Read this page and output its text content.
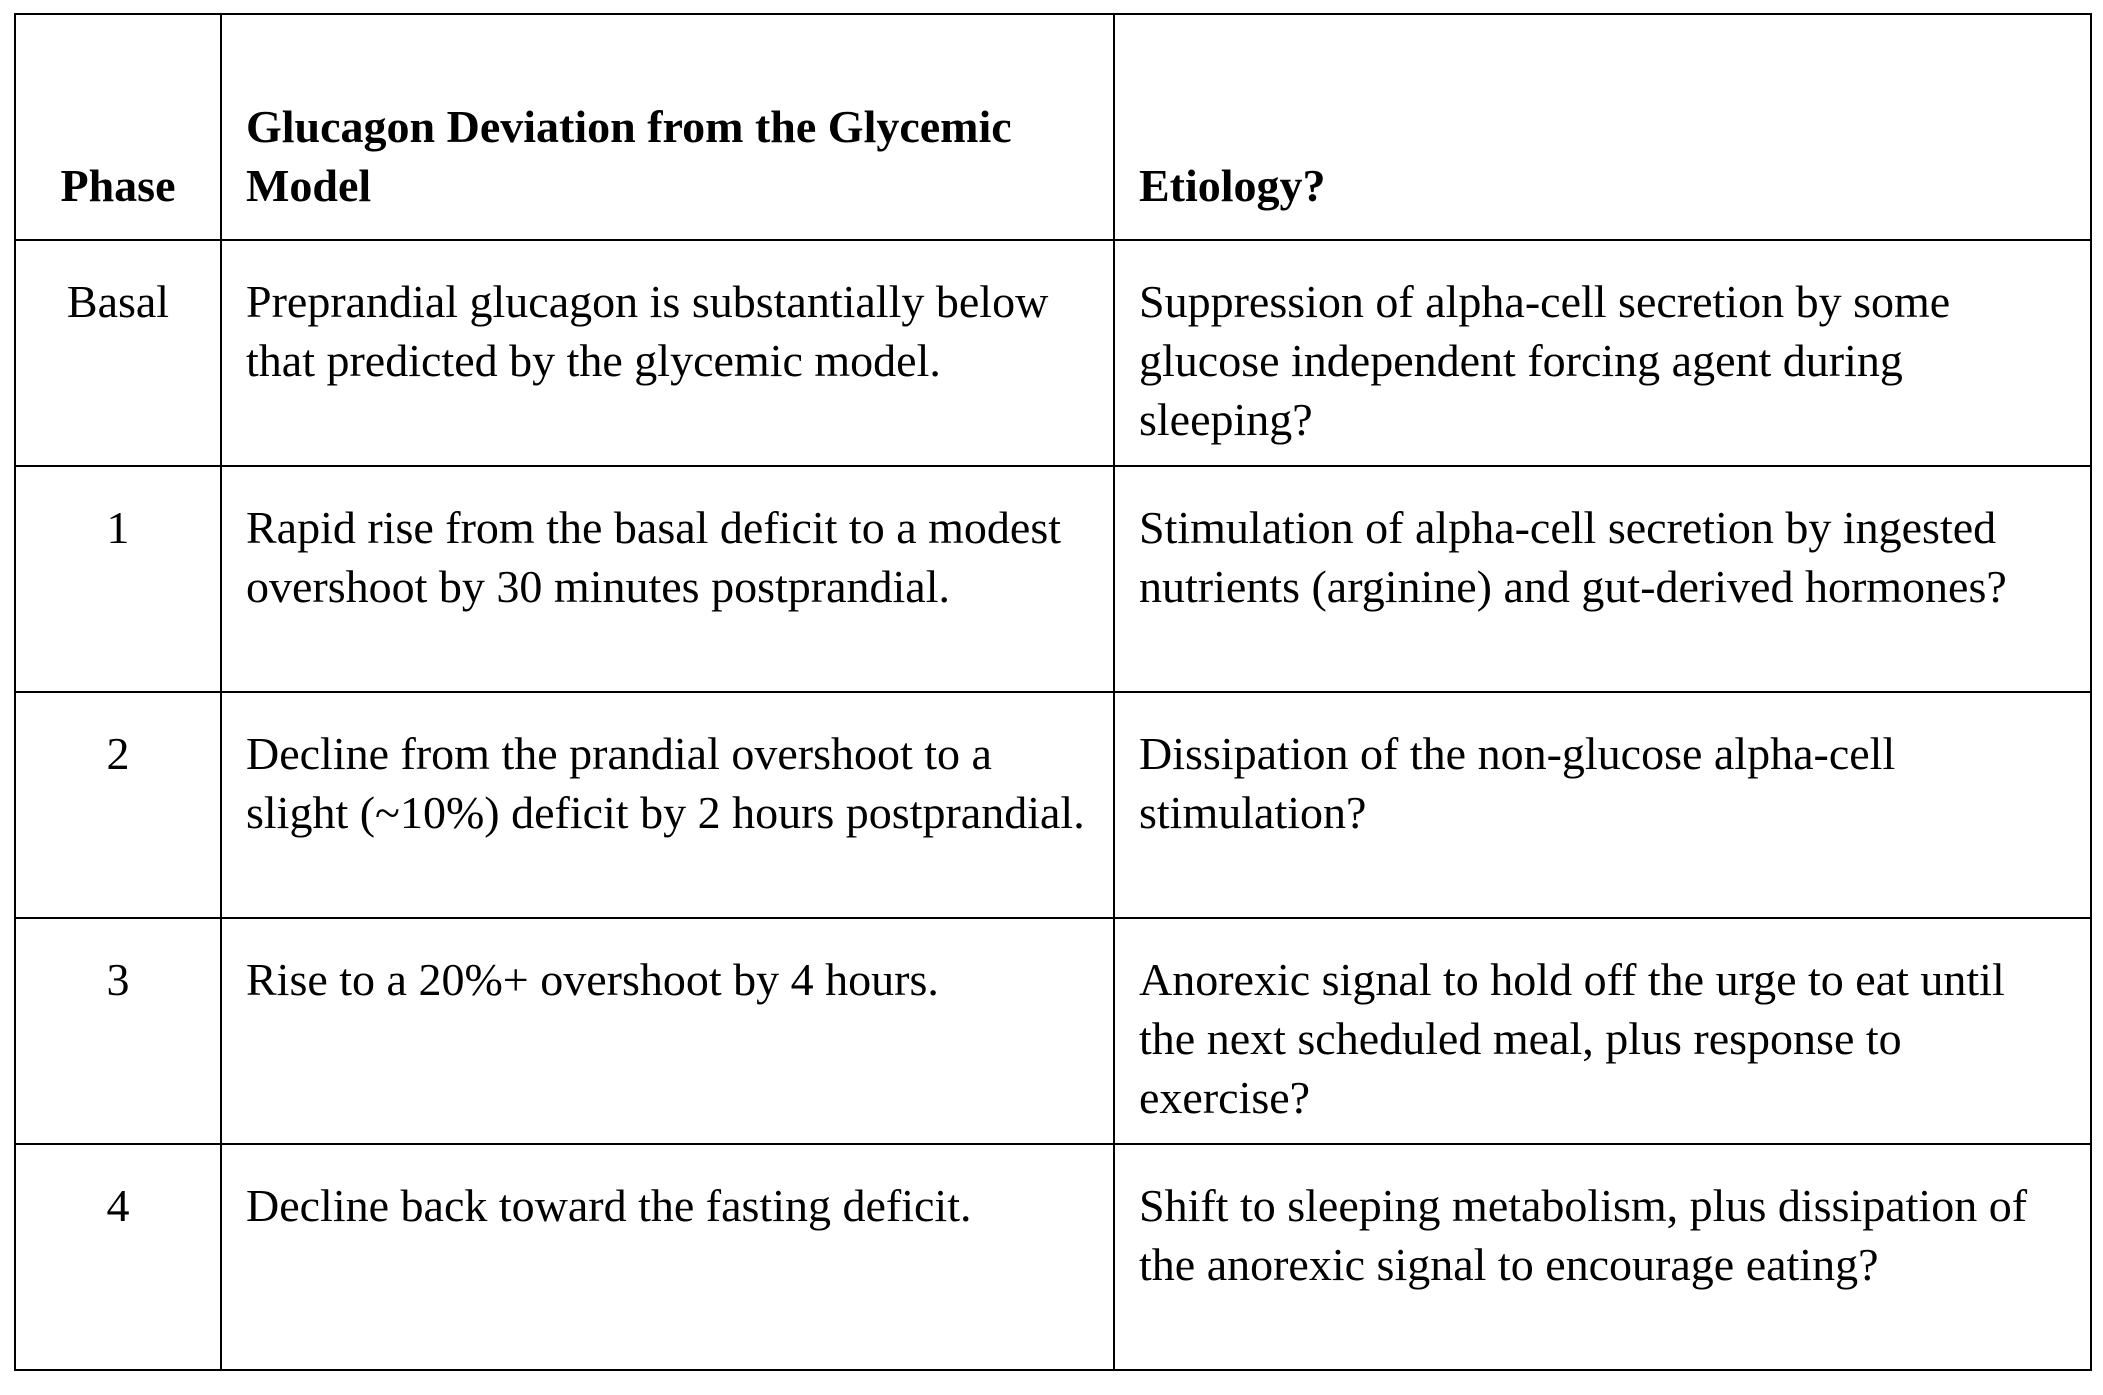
Phase	Glucagon Deviation from the Glycemic Model	Etiology?
Basal	Preprandial glucagon is substantially below that predicted by the glycemic model.	Suppression of alpha-cell secretion by some glucose independent forcing agent during sleeping?
1	Rapid rise from the basal deficit to a modest overshoot by 30 minutes postprandial.	Stimulation of alpha-cell secretion by ingested nutrients (arginine) and gut-derived hormones?
2	Decline from the prandial overshoot to a slight (~10%) deficit by 2 hours postprandial.	Dissipation of the non-glucose alpha-cell stimulation?
3	Rise to a 20%+ overshoot by 4 hours.	Anorexic signal to hold off the urge to eat until the next scheduled meal, plus response to exercise?
4	Decline back toward the fasting deficit.	Shift to sleeping metabolism, plus dissipation of the anorexic signal to encourage eating?
